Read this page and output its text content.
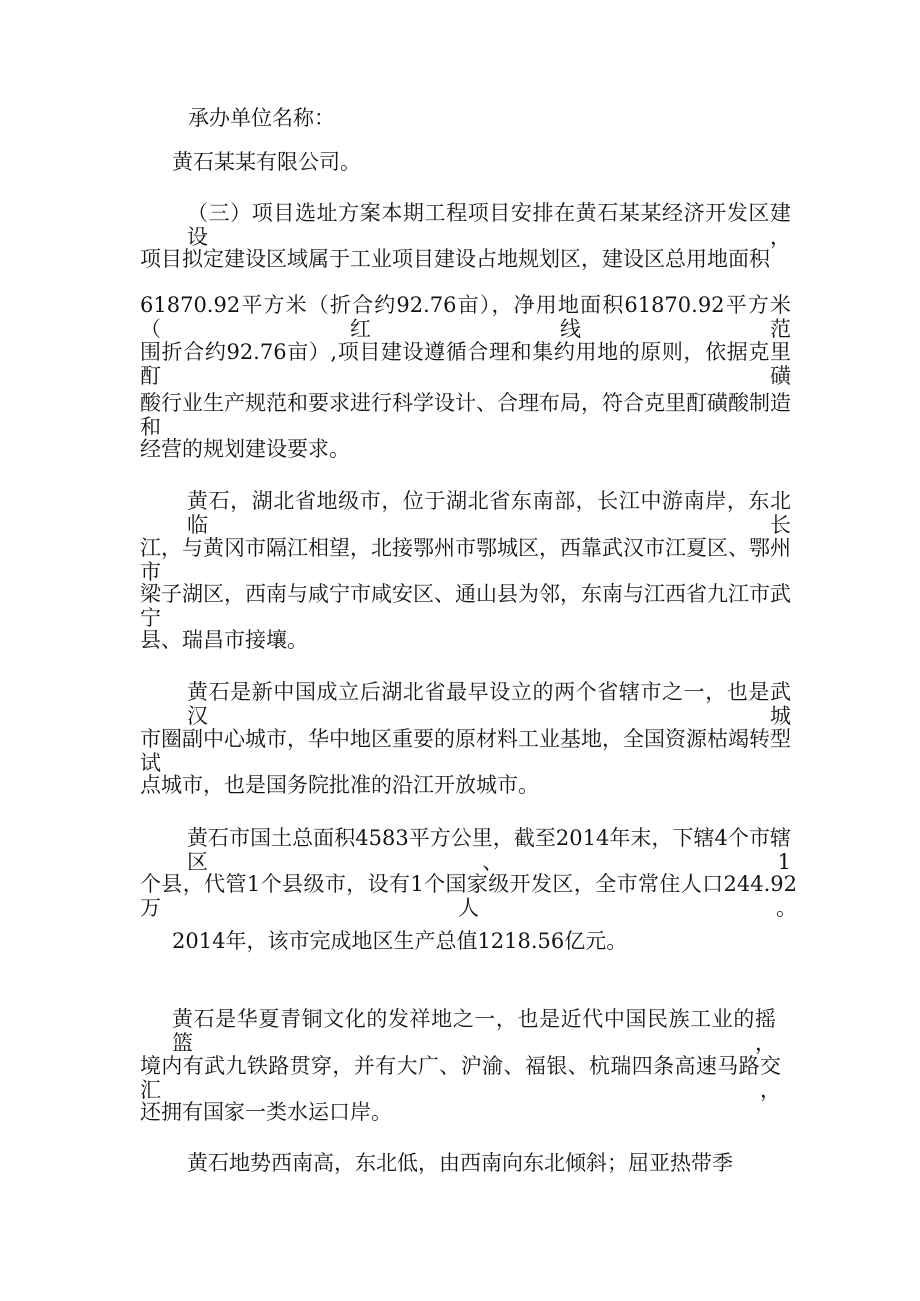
承办单位名称：
黄石某某有限公司。
（三）项目选址方案本期工程项目安排在黄石某某经济开发区建设，
项目拟定建设区域属于工业项目建设占地规划区，建设区总用地面积
61870.92平方米（折合约92.76亩），净用地面积61870.92平方米（红线范
围折合约92.76亩）,项目建设遵循合理和集约用地的原则，依据克里酊磺
酸行业生产规范和要求进行科学设计、合理布局，符合克里酊磺酸制造和
经营的规划建设要求。
黄石，湖北省地级市，位于湖北省东南部，长江中游南岸，东北临长
江，与黄冈市隔江相望，北接鄂州市鄂城区，西靠武汉市江夏区、鄂州市
梁子湖区，西南与咸宁市咸安区、通山县为邻，东南与江西省九江市武宁
县、瑞昌市接壤。
黄石是新中国成立后湖北省最早设立的两个省辖市之一，也是武汉城
市圈副中心城市，华中地区重要的原材料工业基地，全国资源枯竭转型试
点城市，也是国务院批准的沿江开放城市。
黄石市国土总面积4583平方公里，截至2014年末，下辖4个市辖区、1
个县，代管1个县级市，设有1个国家级开发区，全市常住人口244.92万人。
2014年，该市完成地区生产总值1218.56亿元。
黄石是华夏青铜文化的发祥地之一，也是近代中国民族工业的摇篮，
境内有武九铁路贯穿，并有大广、沪渝、福银、杭瑞四条高速马路交汇，
还拥有国家一类水运口岸。
黄石地势西南高，东北低，由西南向东北倾斜；屈亚热带季
